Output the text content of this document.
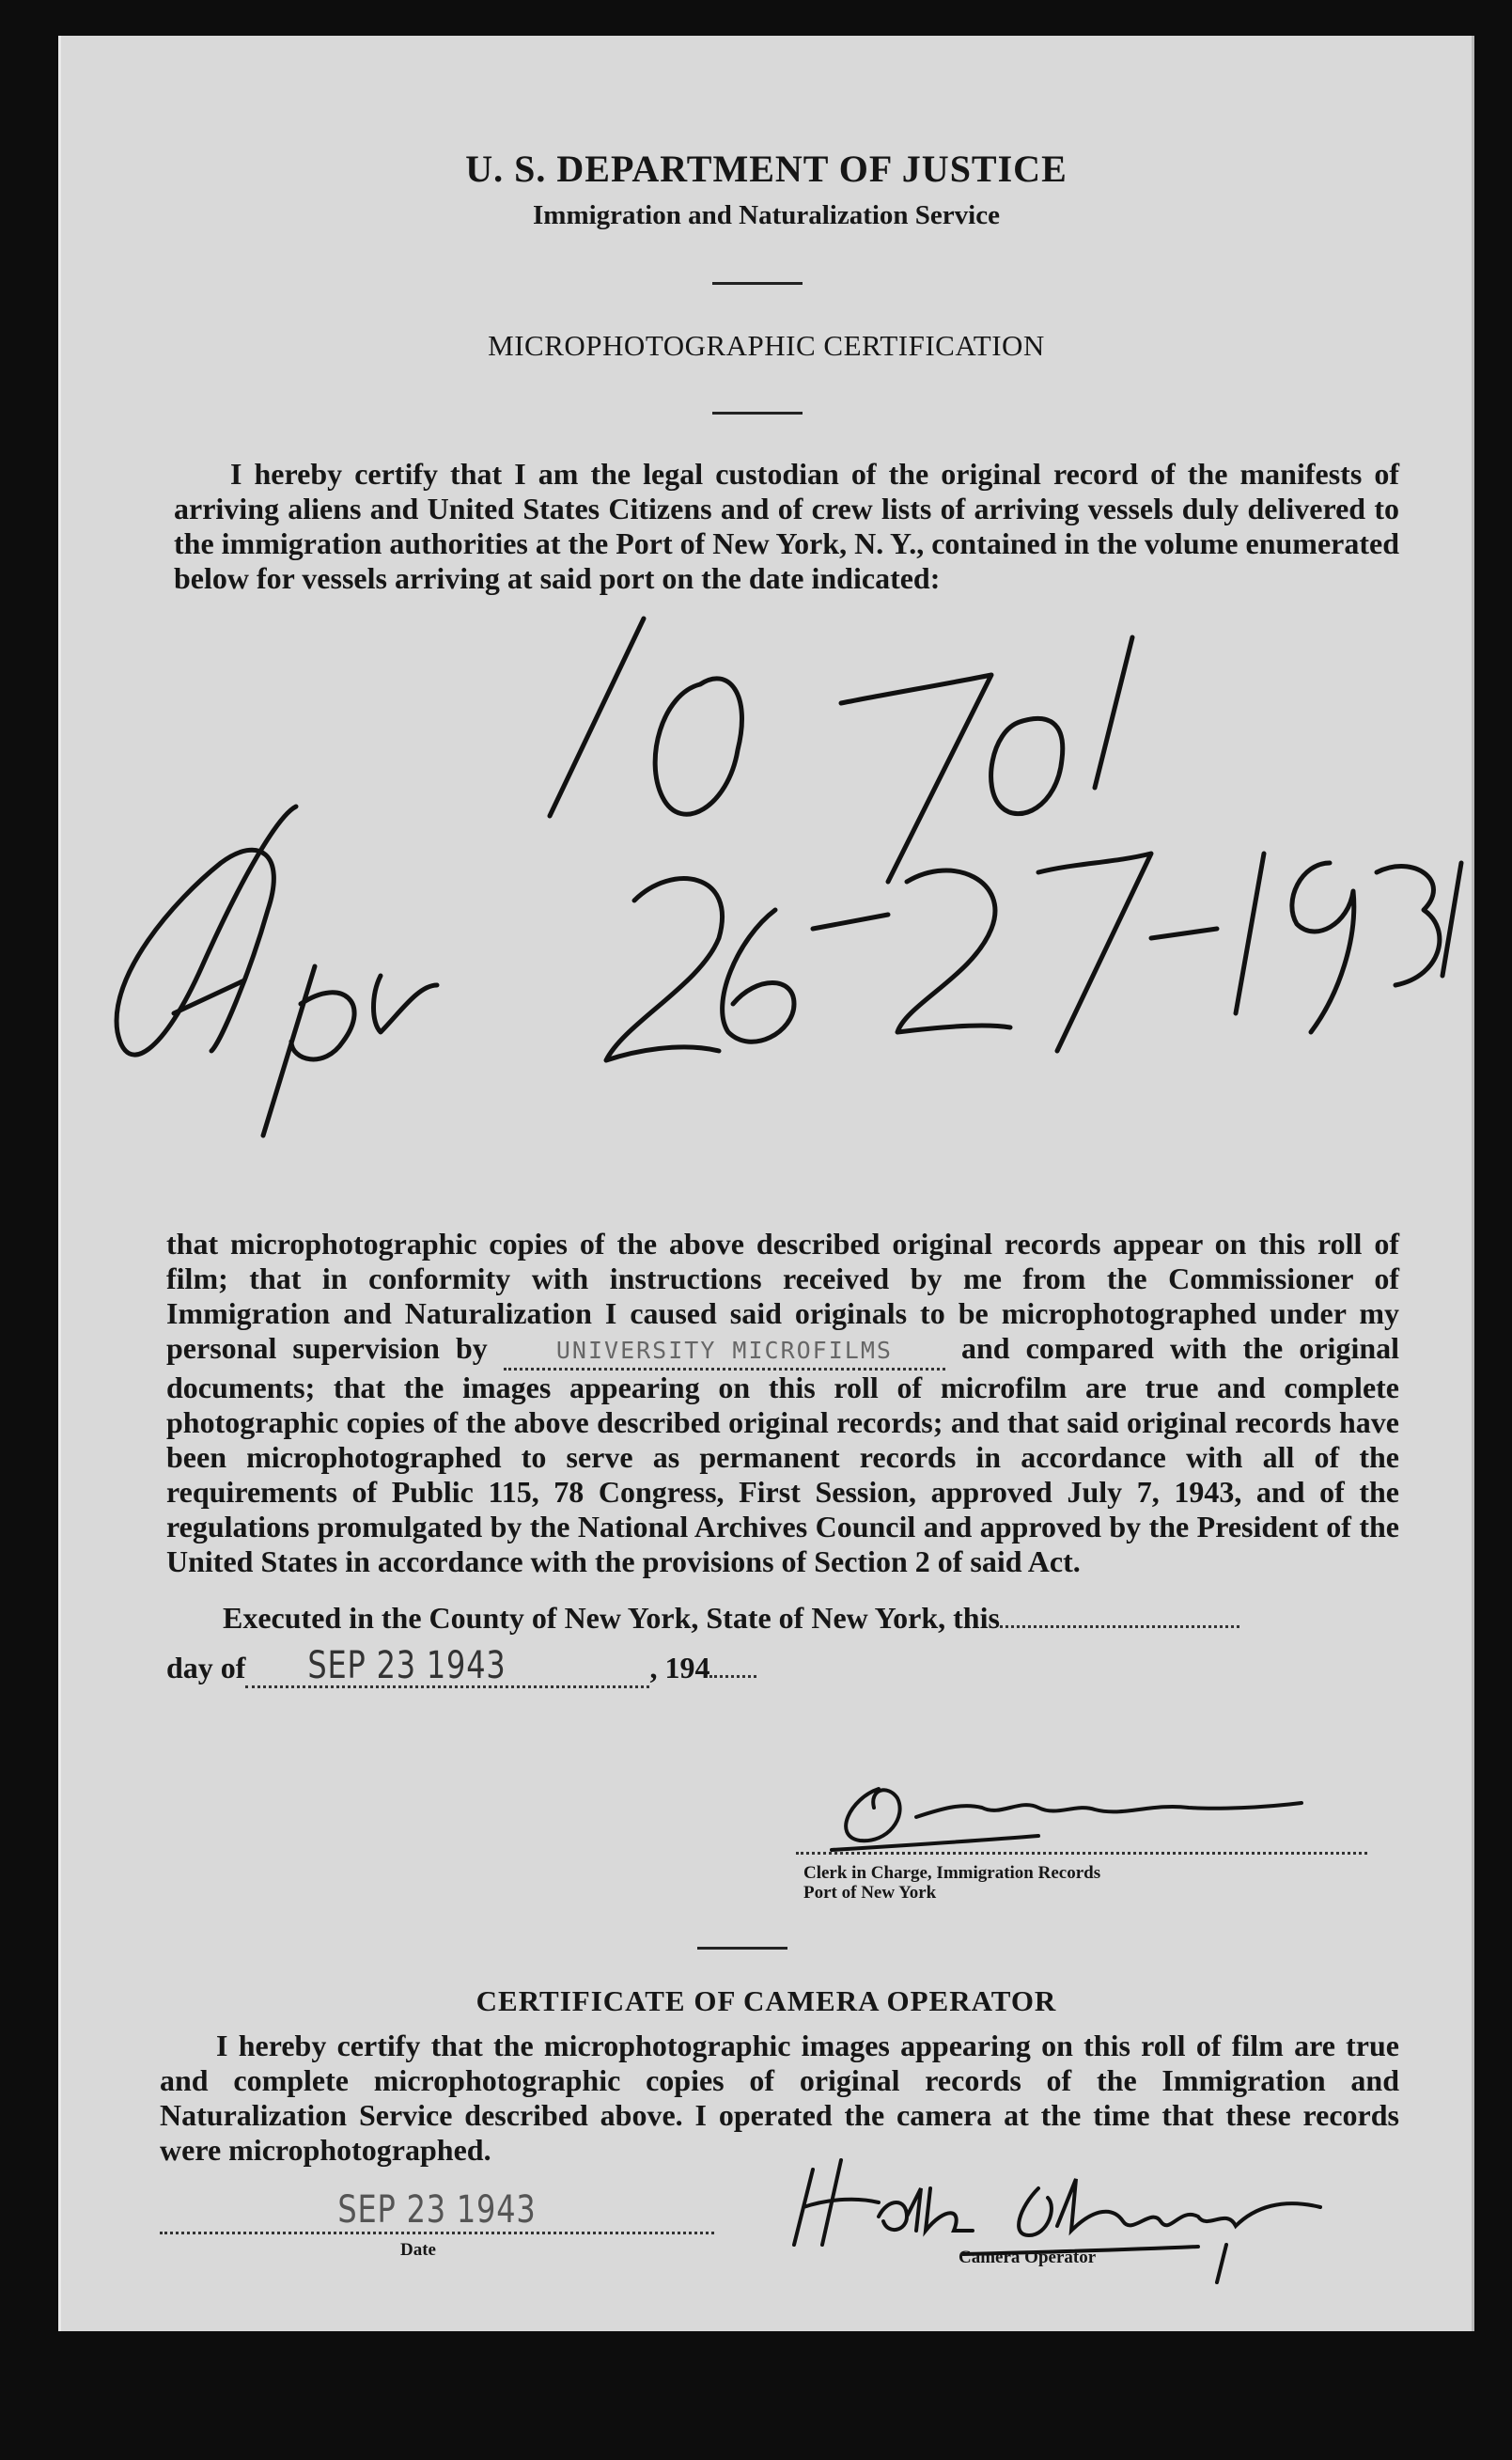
U. S. DEPARTMENT OF JUSTICE
Immigration and Naturalization Service
MICROPHOTOGRAPHIC CERTIFICATION
I hereby certify that I am the legal custodian of the original record of the manifests of arriving aliens and United States Citizens and of crew lists of arriving vessels duly delivered to the immigration authorities at the Port of New York, N. Y., contained in the volume enumerated below for vessels arriving at said port on the date indicated:
that microphotographic copies of the above described original records appear on this roll of film; that in conformity with instructions received by me from the Commissioner of Immigration and Naturalization I caused said originals to be microphotographed under my personal supervision by	UNIVERSITY MICROFILMS and compared with the original documents; that the images appearing on this roll of microfilm are true and complete photographic copies of the above described original records; and that said original records have been microphotographed to serve as permanent records in accordance with all of the requirements of Public 115, 78 Congress, First Session, approved July 7, 1943, and of the regulations promulgated by the National Archives Council and approved by the President of the United States in accordance with the provisions of Section 2 of said Act.
Executed in the County of New York, State of New York, this
day of SEP 23 1943	, 194
Clerk in Charge, Immigration Records
Port of New York
CERTIFICATE OF CAMERA OPERATOR
I hereby certify that the microphotographic images appearing on this roll of film are true and complete microphotographic copies of original records of the Immigration and Naturalization Service described above. I operated the camera at the time that these records were microphotographed.
SEP 23 1943
Date	Camera Operator
